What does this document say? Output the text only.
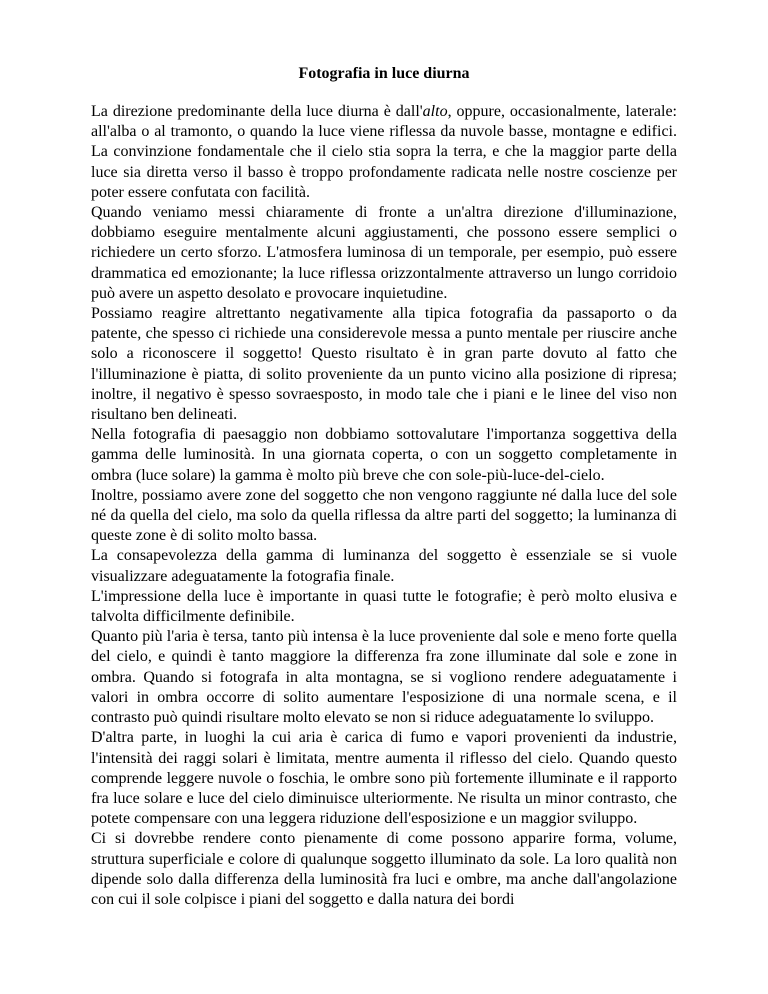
Fotografia in luce diurna

La direzione predominante della luce diurna è dall'alto, oppure, occasionalmente, laterale: all'alba o al tramonto, o quando la luce viene riflessa da nuvole basse, montagne e edifici. La convinzione fondamentale che il cielo stia sopra la terra, e che la maggior parte della luce sia diretta verso il basso è troppo profondamente radicata nelle nostre coscienze per poter essere confutata con facilità.

Quando veniamo messi chiaramente di fronte a un'altra direzione d'illuminazione, dobbiamo eseguire mentalmente alcuni aggiustamenti, che possono essere semplici o richiedere un certo sforzo. L'atmosfera luminosa di un temporale, per esempio, può essere drammatica ed emozionante; la luce riflessa orizzontalmente attraverso un lungo corridoio può avere un aspetto desolato e provocare inquietudine.

Possiamo reagire altrettanto negativamente alla tipica fotografia da passaporto o da patente, che spesso ci richiede una considerevole messa a punto mentale per riuscire anche solo a riconoscere il soggetto! Questo risultato è in gran parte dovuto al fatto che l'illuminazione è piatta, di solito proveniente da un punto vicino alla posizione di ripresa; inoltre, il negativo è spesso sovraesposto, in modo tale che i piani e le linee del viso non risultano ben delineati.

Nella fotografia di paesaggio non dobbiamo sottovalutare l'importanza soggettiva della gamma delle luminosità. In una giornata coperta, o con un soggetto completamente in ombra (luce solare) la gamma è molto più breve che con sole-più-luce-del-cielo.

Inoltre, possiamo avere zone del soggetto che non vengono raggiunte né dalla luce del sole né da quella del cielo, ma solo da quella riflessa da altre parti del soggetto; la luminanza di queste zone è di solito molto bassa.

La consapevolezza della gamma di luminanza del soggetto è essenziale se si vuole visualizzare adeguatamente la fotografia finale.

L'impressione della luce è importante in quasi tutte le fotografie; è però molto elusiva e talvolta difficilmente definibile.

Quanto più l'aria è tersa, tanto più intensa è la luce proveniente dal sole e meno forte quella del cielo, e quindi è tanto maggiore la differenza fra zone illuminate dal sole e zone in ombra. Quando si fotografa in alta montagna, se si vogliono rendere adeguatamente i valori in ombra occorre di solito aumentare l'esposizione di una normale scena, e il contrasto può quindi risultare molto elevato se non si riduce adeguatamente lo sviluppo.

D'altra parte, in luoghi la cui aria è carica di fumo e vapori provenienti da industrie, l'intensità dei raggi solari è limitata, mentre aumenta il riflesso del cielo. Quando questo comprende leggere nuvole o foschia, le ombre sono più fortemente illuminate e il rapporto fra luce solare e luce del cielo diminuisce ulteriormente. Ne risulta un minor contrasto, che potete compensare con una leggera riduzione dell'esposizione e un maggior sviluppo.

Ci si dovrebbe rendere conto pienamente di come possono apparire forma, volume, struttura superficiale e colore di qualunque soggetto illuminato da sole. La loro qualità non dipende solo dalla differenza della luminosità fra luci e ombre, ma anche dall'angolazione con cui il sole colpisce i piani del soggetto e dalla natura dei bordi
